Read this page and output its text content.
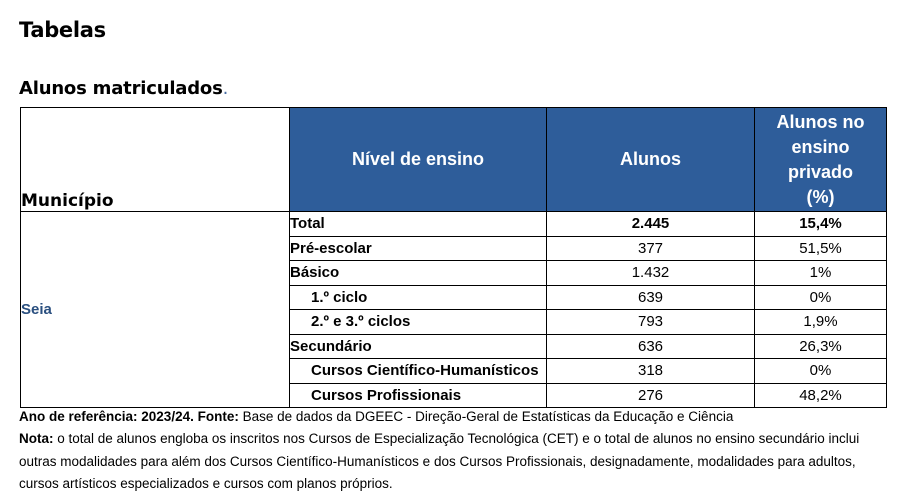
Tabelas
Alunos matriculados.
Município	Nível de ensino	Alunos	Alunos no
ensino
privado
(%)
Seia	Total	2.445	15,4%
	Pré-escolar	377	51,5%
	Básico	1.432	1%
	1.º ciclo	639	0%
	2.º e 3.º ciclos	793	1,9%
	Secundário	636	26,3%
	Cursos Científico-Humanísticos	318	0%
	Cursos Profissionais	276	48,2%
Ano de referência: 2023/24. Fonte: Base de dados da DGEEC - Direção-Geral de Estatísticas da Educação e Ciência
Nota: o total de alunos engloba os inscritos nos Cursos de Especialização Tecnológica (CET) e o total de alunos no ensino secundário inclui outras modalidades para além dos Cursos Científico-Humanísticos e dos Cursos Profissionais, designadamente, modalidades para adultos, cursos artísticos especializados e cursos com planos próprios.
